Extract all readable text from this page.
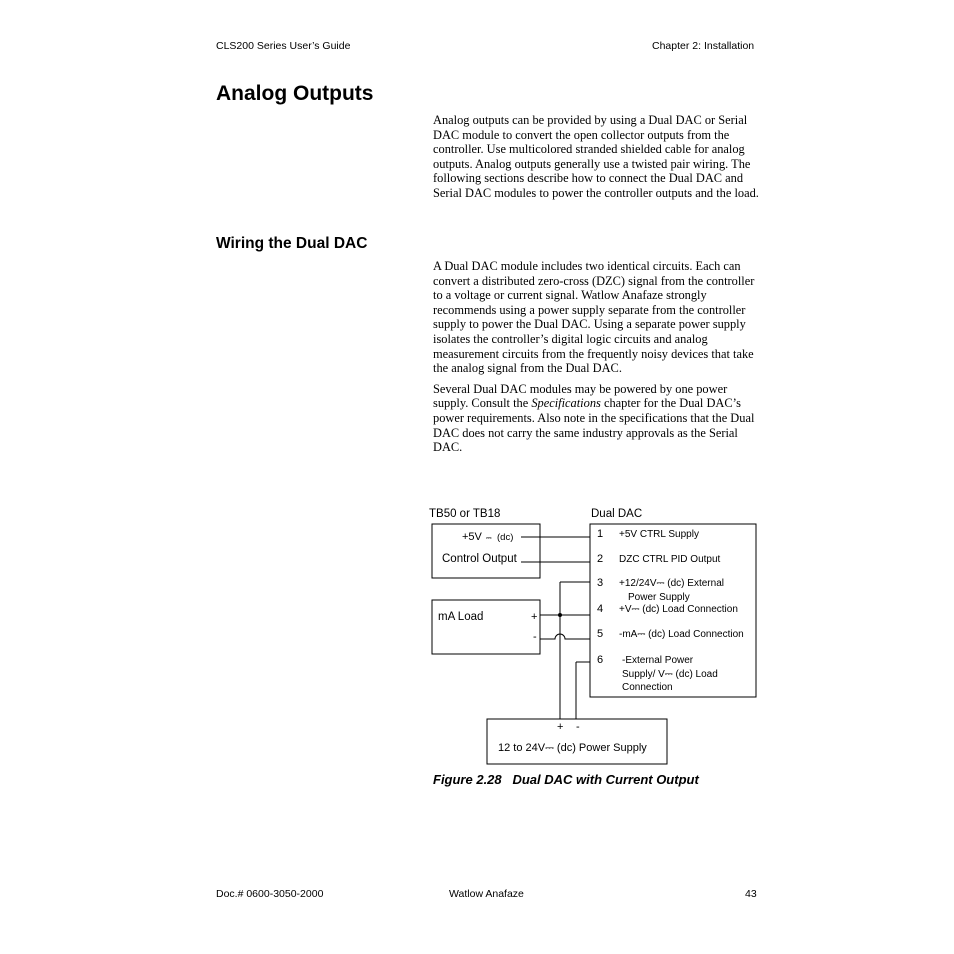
CLS200 Series User’s Guide	Chapter 2: Installation
Analog Outputs

Analog outputs can be provided by using a Dual DAC or Serial DAC module to convert the open collector outputs from the controller. Use multicolored stranded shielded cable for analog outputs. Analog outputs generally use a twisted pair wiring. The following sections describe how to connect the Dual DAC and Serial DAC modules to power the controller outputs and the load.

Wiring the Dual DAC

A Dual DAC module includes two identical circuits. Each can convert a distributed zero-cross (DZC) signal from the controller to a voltage or current signal. Watlow Anafaze strongly recommends using a power supply separate from the controller supply to power the Dual DAC. Using a separate power supply isolates the controller’s digital logic circuits and analog measurement circuits from the frequently noisy devices that take the analog signal from the Dual DAC.

Several Dual DAC modules may be powered by one power supply. Consult the Specifications chapter for the Dual DAC’s power requirements. Also note in the specifications that the Dual DAC does not carry the same industry approvals as the Serial DAC.

TB50 or TB18	Dual DAC
+5V ⎓ (dc)
Control Output
mA Load	+
-
1 +5V CTRL Supply
2 DZC CTRL PID Output
3 +12/24V⎓ (dc) External
Power Supply
4 +V⎓ (dc) Load Connection
5 -mA⎓ (dc) Load Connection
6 -External Power
Supply/ V⎓ (dc) Load
Connection
+ -
12 to 24V⎓ (dc) Power Supply
Figure 2.28   Dual DAC with Current Output
Doc.# 0600-3050-2000	Watlow Anafaze	43
